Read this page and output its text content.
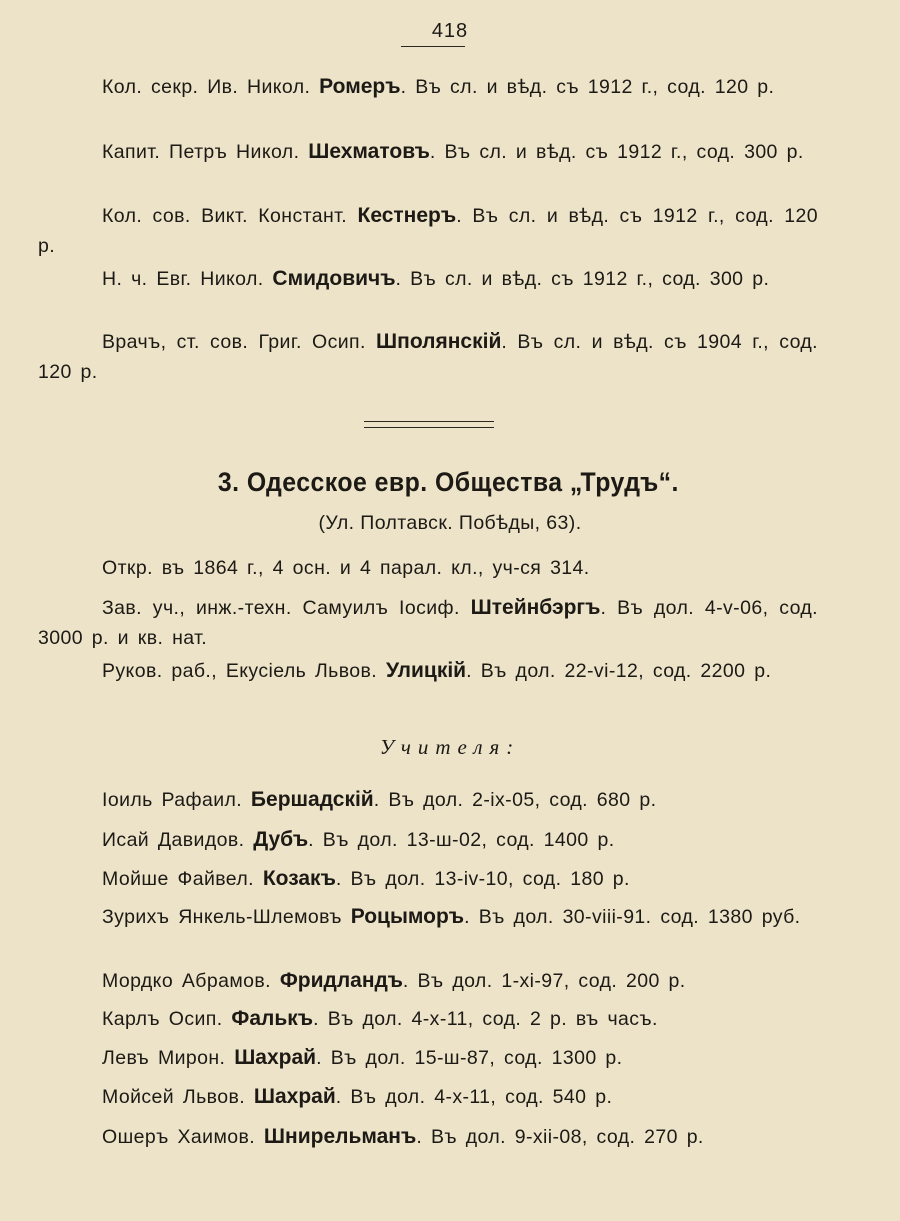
418

Кол. секр. Ив. Никол. Ромеръ. Въ сл. и вѣд. съ 1912 г., сод. 120 р.

Капит. Петръ Никол. Шехматовъ. Въ сл. и вѣд. съ 1912 г., сод. 300 р.

Кол. сов. Викт. Констант. Кестнеръ. Въ сл. и вѣд. съ 1912 г., сод. 120 р.

Н. ч. Евг. Никол. Смидовичъ. Въ сл. и вѣд. съ 1912 г., сод. 300 р.

Врачъ, ст. сов. Григ. Осип. Шполянскій. Въ сл. и вѣд. съ 1904 г., сод. 120 р.

3. Одесское евр. Общества „Трудъ“.
(Ул. Полтавск. Побѣды, 63).

Откр. въ 1864 г., 4 осн. и 4 парал. кл., уч-ся 314.

Зав. уч., инж.-техн. Самуилъ Іосиф. Штейнбэргъ. Въ дол. 4-v-06, сод. 3000 р. и кв. нат.

Руков. раб., Екусіель Львов. Улицкій. Въ дол. 22-vi-12, сод. 2200 р.

Учителя:

Іоиль Рафаил. Бершадскій. Въ дол. 2-ix-05, сод. 680 р.

Исай Давидов. Дубъ. Въ дол. 13-ш-02, сод. 1400 р.

Мойше Файвел. Козакъ. Въ дол. 13-iv-10, сод. 180 р.

Зурихъ Янкель-Шлемовъ Роцыморъ. Въ дол. 30-viii-91. сод. 1380 руб.

Мордко Абрамов. Фридландъ. Въ дол. 1-xi-97, сод. 200 р.

Карлъ Осип. Фалькъ. Въ дол. 4-x-11, сод. 2 р. въ часъ.

Левъ Мирон. Шахрай. Въ дол. 15-ш-87, сод. 1300 р.

Мойсей Львов. Шахрай. Въ дол. 4-x-11, сод. 540 р.

Ошеръ Хаимов. Шнирельманъ. Въ дол. 9-xii-08, сод. 270 р.
